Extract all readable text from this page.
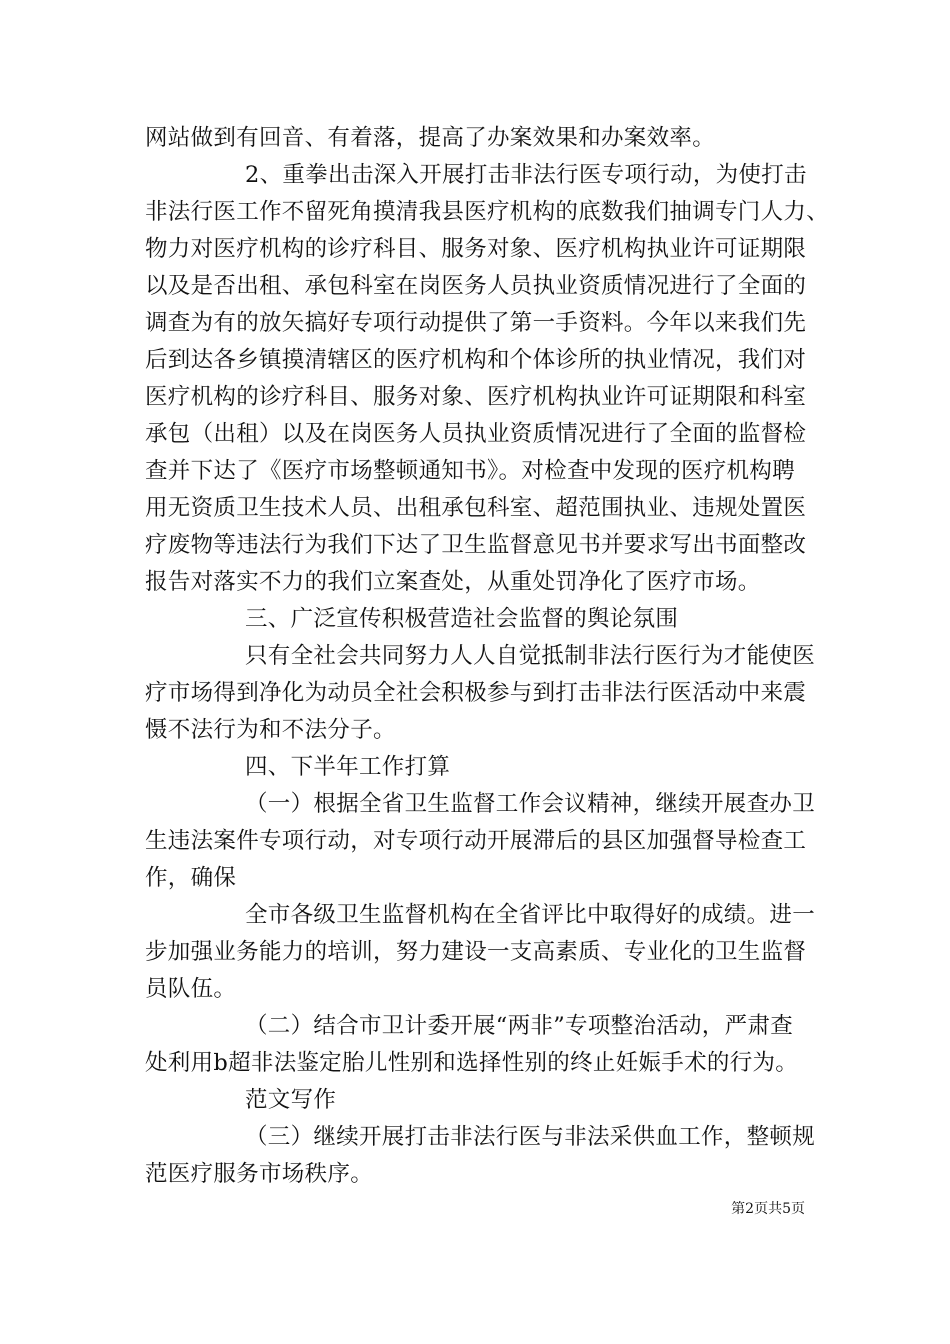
网站做到有回音、有着落，提高了办案效果和办案效率。
2、重拳出击深入开展打击非法行医专项行动，为使打击
非法行医工作不留死角摸清我县医疗机构的底数我们抽调专门人力、
物力对医疗机构的诊疗科目、服务对象、医疗机构执业许可证期限
以及是否出租、承包科室在岗医务人员执业资质情况进行了全面的
调查为有的放矢搞好专项行动提供了第一手资料。今年以来我们先
后到达各乡镇摸清辖区的医疗机构和个体诊所的执业情况，我们对
医疗机构的诊疗科目、服务对象、医疗机构执业许可证期限和科室
承包（出租）以及在岗医务人员执业资质情况进行了全面的监督检
查并下达了《医疗市场整顿通知书》。对检查中发现的医疗机构聘
用无资质卫生技术人员、出租承包科室、超范围执业、违规处置医
疗废物等违法行为我们下达了卫生监督意见书并要求写出书面整改
报告对落实不力的我们立案查处，从重处罚净化了医疗市场。
三、广泛宣传积极营造社会监督的舆论氛围
只有全社会共同努力人人自觉抵制非法行医行为才能使医
疗市场得到净化为动员全社会积极参与到打击非法行医活动中来震
慑不法行为和不法分子。
四、下半年工作打算
（一）根据全省卫生监督工作会议精神，继续开展查办卫
生违法案件专项行动，对专项行动开展滞后的县区加强督导检查工
作，确保
全市各级卫生监督机构在全省评比中取得好的成绩。进一
步加强业务能力的培训，努力建设一支高素质、专业化的卫生监督
员队伍。
（二）结合市卫计委开展“两非”专项整治活动，严肃查
处利用b超非法鉴定胎儿性别和选择性别的终止妊娠手术的行为。
范文写作
（三）继续开展打击非法行医与非法采供血工作，整顿规
范医疗服务市场秩序。
第2页共5页
